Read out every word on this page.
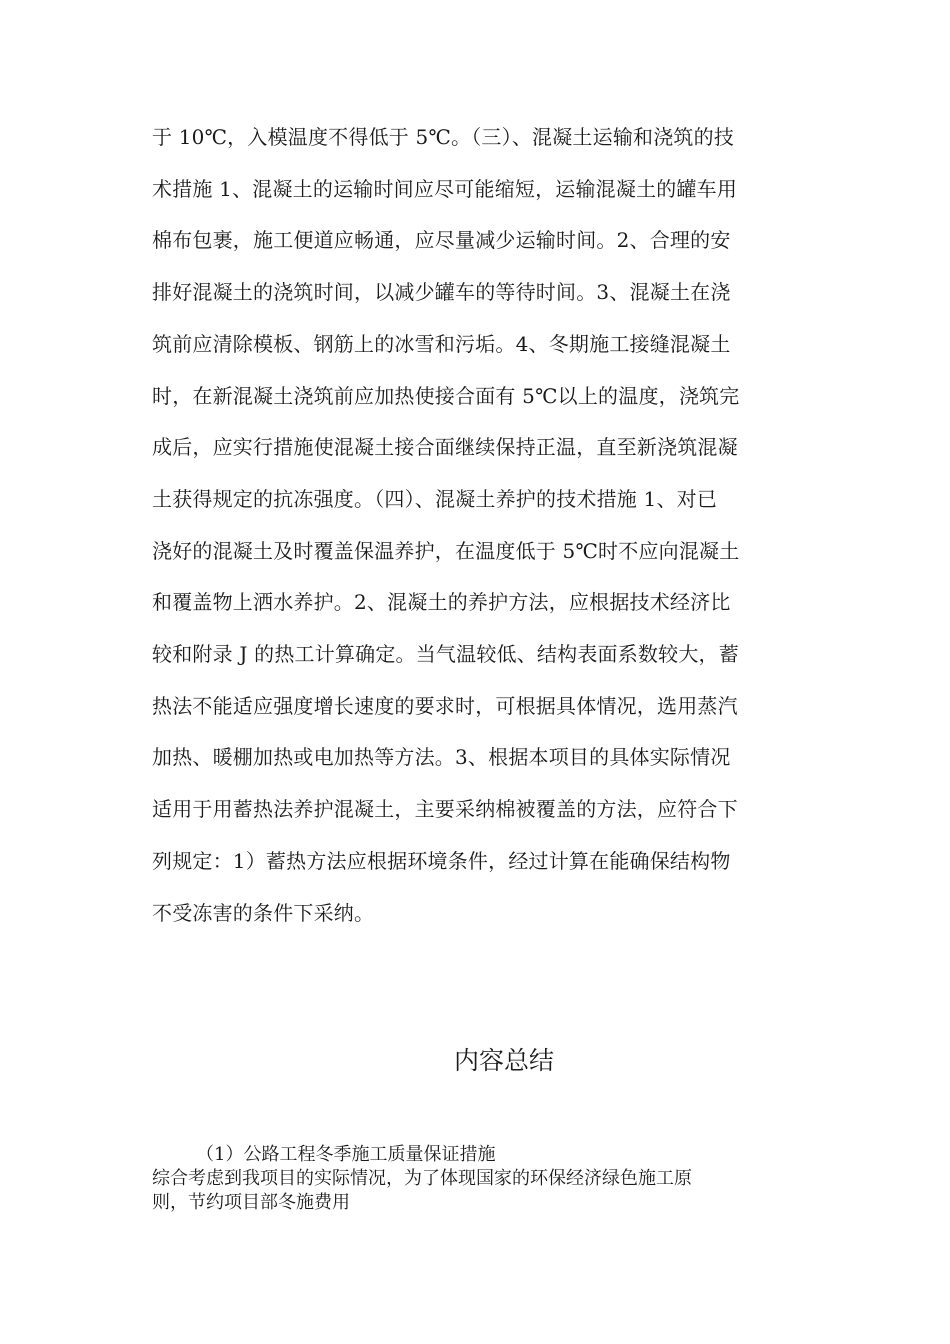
于 10℃，入模温度不得低于 5℃。（三）、混凝土运输和浇筑的技
术措施 1、混凝土的运输时间应尽可能缩短，运输混凝土的罐车用
棉布包裹，施工便道应畅通，应尽量减少运输时间。2、合理的安
排好混凝土的浇筑时间，以减少罐车的等待时间。3、混凝土在浇
筑前应清除模板、钢筋上的冰雪和污垢。4、冬期施工接缝混凝土
时，在新混凝土浇筑前应加热使接合面有 5℃以上的温度，浇筑完
成后，应实行措施使混凝土接合面继续保持正温，直至新浇筑混凝
土获得规定的抗冻强度。（四）、混凝土养护的技术措施 1、对已
浇好的混凝土及时覆盖保温养护，在温度低于 5℃时不应向混凝土
和覆盖物上洒水养护。2、混凝土的养护方法，应根据技术经济比
较和附录 J 的热工计算确定。当气温较低、结构表面系数较大，蓄
热法不能适应强度增长速度的要求时，可根据具体情况，选用蒸汽
加热、暖棚加热或电加热等方法。3、根据本项目的具体实际情况
适用于用蓄热法养护混凝土，主要采纳棉被覆盖的方法，应符合下
列规定：1）蓄热方法应根据环境条件，经过计算在能确保结构物
不受冻害的条件下采纳。
内容总结
（1）公路工程冬季施工质量保证措施
综合考虑到我项目的实际情况，为了体现国家的环保经济绿色施工原
则，节约项目部冬施费用
